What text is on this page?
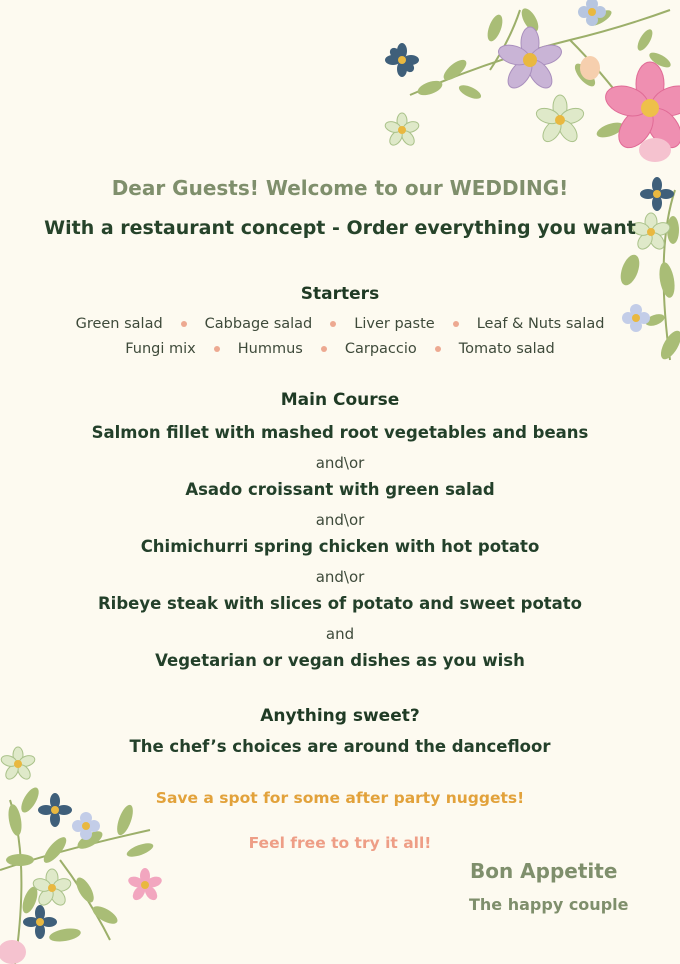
Dear Guests! Welcome to our WEDDING!
With a restaurant concept - Order everything you want
Starters
Green salad	Cabbage salad	Liver paste	Leaf & Nuts salad
Fungi mix	Hummus	Carpaccio	Tomato salad
Main Course
Salmon fillet with mashed root vegetables and beans
and\or
Asado croissant with green salad
and\or
Chimichurri spring chicken with hot potato
and\or
Ribeye steak with slices of potato and sweet potato
and
Vegetarian or vegan dishes as you wish
Anything sweet?
The chef’s choices are around the dancefloor
Save a spot for some after party nuggets!
Feel free to try it all!
Bon Appetite
The happy couple
